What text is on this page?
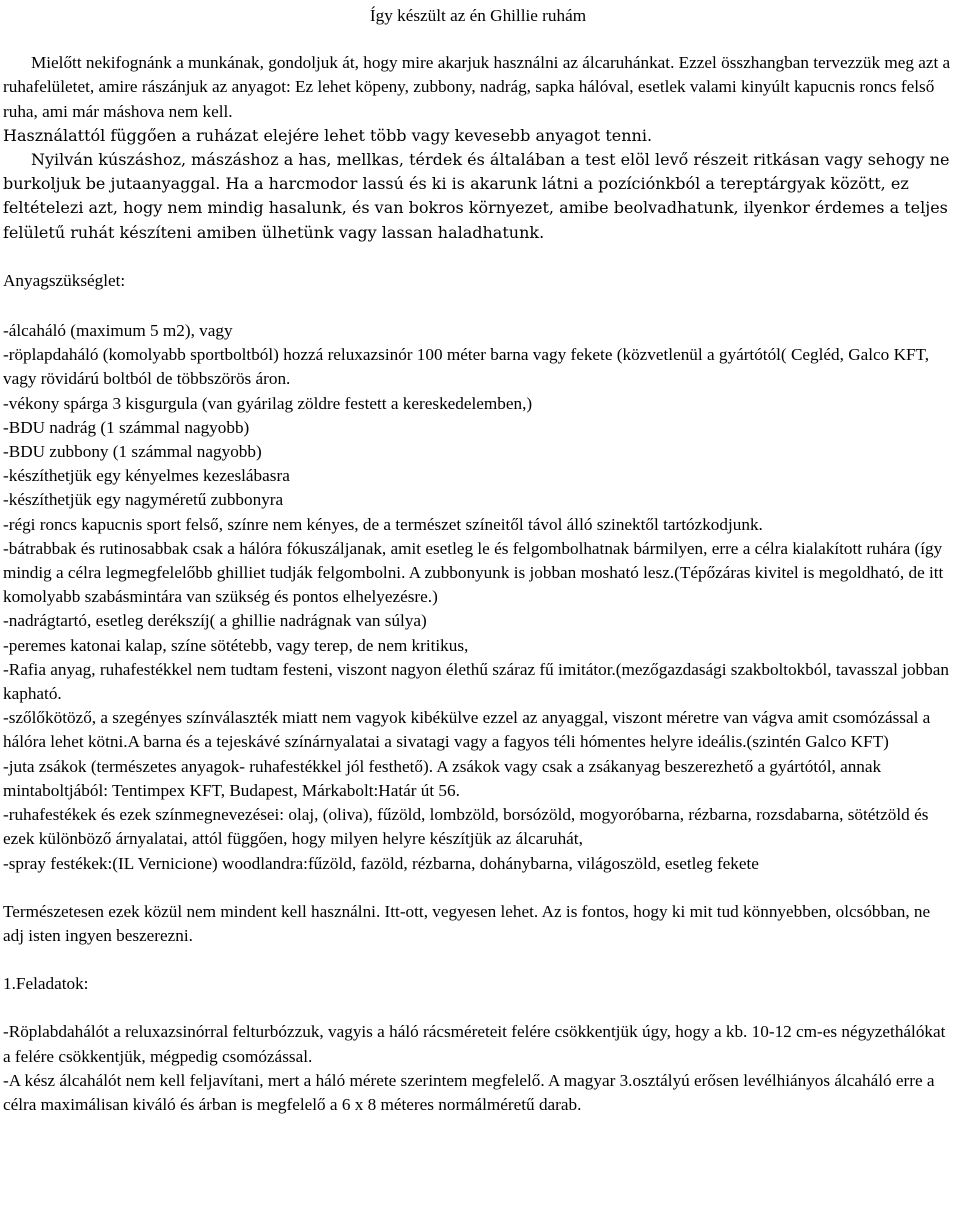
Így készült az én Ghillie ruhám

Mielőtt nekifognánk a munkának, gondoljuk át, hogy mire akarjuk használni az álcaruhánkat. Ezzel összhangban tervezzük meg azt a ruhafelületet, amire rászánjuk az anyagot: Ez lehet köpeny, zubbony, nadrág, sapka hálóval, esetlek valami kinyúlt kapucnis roncs felső ruha, ami már máshova nem kell.

Használattól függően a ruházat elejére lehet több vagy kevesebb anyagot tenni.

Nyilván kúszáshoz, mászáshoz a has, mellkas, térdek és általában a test elöl levő részeit ritkásan vagy sehogy ne burkoljuk be jutaanyaggal. Ha a harcmodor lassú és ki is akarunk látni a pozíciónkból a tereptárgyak között, ez feltételezi azt, hogy nem mindig hasalunk, és van bokros környezet, amibe beolvadhatunk, ilyenkor érdemes a teljes felületű ruhát készíteni amiben ülhetünk vagy lassan haladhatunk.

Anyagszükséglet:

-álcaháló (maximum 5 m2), vagy

-röplapdaháló (komolyabb sportboltból) hozzá reluxazsinór 100 méter barna vagy fekete (közvetlenül a gyártótól( Cegléd, Galco KFT, vagy rövidárú boltból de többszörös áron.

-vékony spárga 3 kisgurgula (van gyárilag zöldre festett a kereskedelemben,)

-BDU nadrág (1 számmal nagyobb)

-BDU zubbony (1 számmal nagyobb)

-készíthetjük egy kényelmes kezeslábasra

-készíthetjük egy nagyméretű zubbonyra

-régi roncs kapucnis sport felső, színre nem kényes, de a természet színeitől távol álló szinektől tartózkodjunk.

-bátrabbak és rutinosabbak csak a hálóra fókuszáljanak, amit esetleg le és felgombolhatnak bármilyen, erre a célra kialakított ruhára (így mindig a célra legmegfelelőbb ghilliet tudják felgombolni. A zubbonyunk is jobban mosható lesz.(Tépőzáras kivitel is megoldható, de itt komolyabb szabásmintára van szükség és pontos elhelyezésre.)

-nadrágtartó, esetleg derékszíj( a ghillie nadrágnak van súlya)

-peremes katonai kalap, színe sötétebb, vagy terep, de nem kritikus,

-Rafia anyag, ruhafestékkel nem tudtam festeni, viszont nagyon élethű száraz fű imitátor.(mezőgazdasági szakboltokból, tavasszal jobban kapható.

-szőlőkötöző, a szegényes színválaszték miatt nem vagyok kibékülve ezzel az anyaggal, viszont méretre van vágva amit csomózással a hálóra lehet kötni.A barna és a tejeskávé színárnyalatai a sivatagi vagy a fagyos téli hómentes helyre ideális.(szintén Galco KFT)

-juta zsákok (természetes anyagok- ruhafestékkel jól festhető). A zsákok vagy csak a zsákanyag beszerezhető a gyártótól, annak mintaboltjából: Tentimpex KFT, Budapest, Márkabolt:Határ út 56.

-ruhafestékek és ezek színmegnevezései: olaj, (oliva), fűzöld, lombzöld, borsózöld, mogyoróbarna, rézbarna, rozsdabarna, sötétzöld és ezek különböző árnyalatai, attól függően, hogy milyen helyre készítjük az álcaruhát,

-spray festékek:(IL Vernicione) woodlandra:fűzöld, fazöld, rézbarna, dohánybarna, világoszöld, esetleg fekete

Természetesen ezek közül nem mindent kell használni. Itt-ott, vegyesen lehet. Az is fontos, hogy ki mit tud könnyebben, olcsóbban, ne adj isten ingyen beszerezni.

1.Feladatok:

-Röplabdahálót a reluxazsinórral felturbózzuk, vagyis a háló rácsméreteit felére csökkentjük úgy, hogy a kb. 10-12 cm-es négyzethálókat a felére csökkentjük, mégpedig csomózással.

-A kész álcahálót nem kell feljavítani, mert a háló mérete szerintem megfelelő. A magyar 3.osztályú erősen levélhiányos álcaháló erre a célra maximálisan kiváló és árban is megfelelő a 6 x 8 méteres normálméretű darab.
